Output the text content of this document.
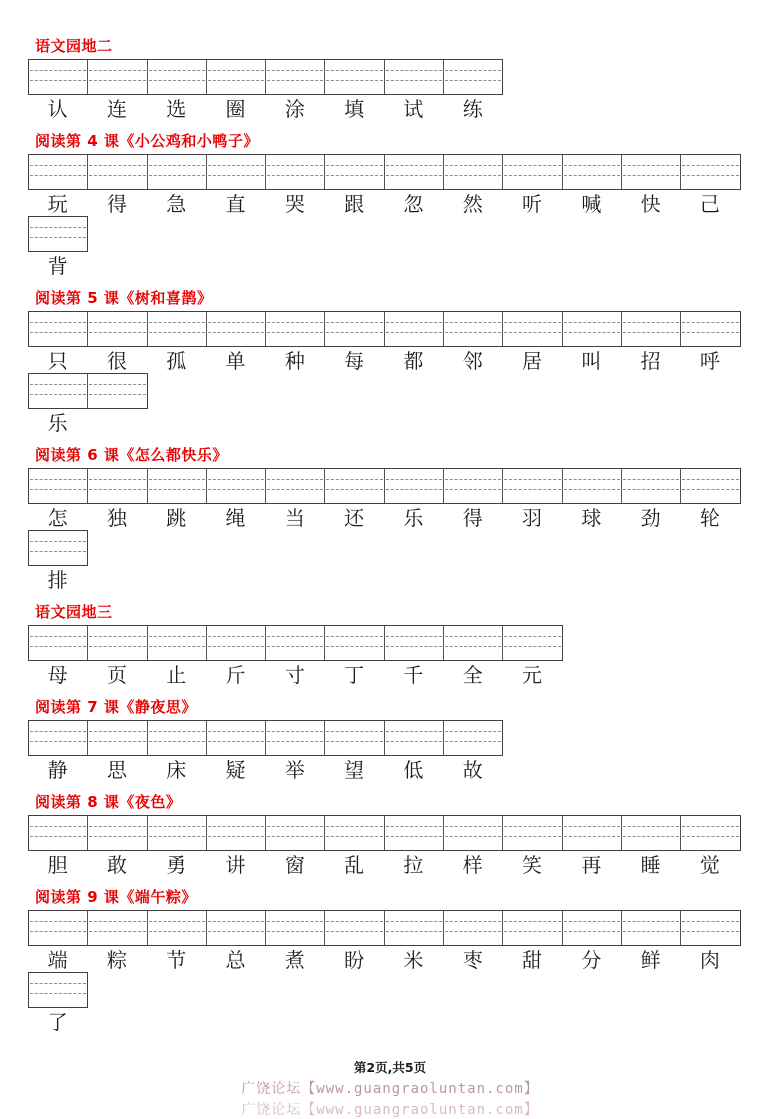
语文园地二
认	连	选	圈	涂	填	试	练
阅读第 4 课《小公鸡和小鸭子》
玩	得	急	直	哭	跟	忽	然	听	喊	快	己
背
阅读第 5 课《树和喜鹊》
只	很	孤	单	种	每	都	邻	居	叫	招	呼
乐
阅读第 6 课《怎么都快乐》
怎	独	跳	绳	当	还	乐	得	羽	球	劲	轮
排
语文园地三
母	页	止	斤	寸	丁	千	全	元
阅读第 7 课《静夜思》
静	思	床	疑	举	望	低	故
阅读第 8 课《夜色》
胆	敢	勇	讲	窗	乱	拉	样	笑	再	睡	觉
阅读第 9 课《端午粽》
端	粽	节	总	煮	盼	米	枣	甜	分	鲜	肉
了
第2页,共5页
广饶论坛【www.guangraoluntan.com】
广饶论坛【www.guangraoluntan.com】
